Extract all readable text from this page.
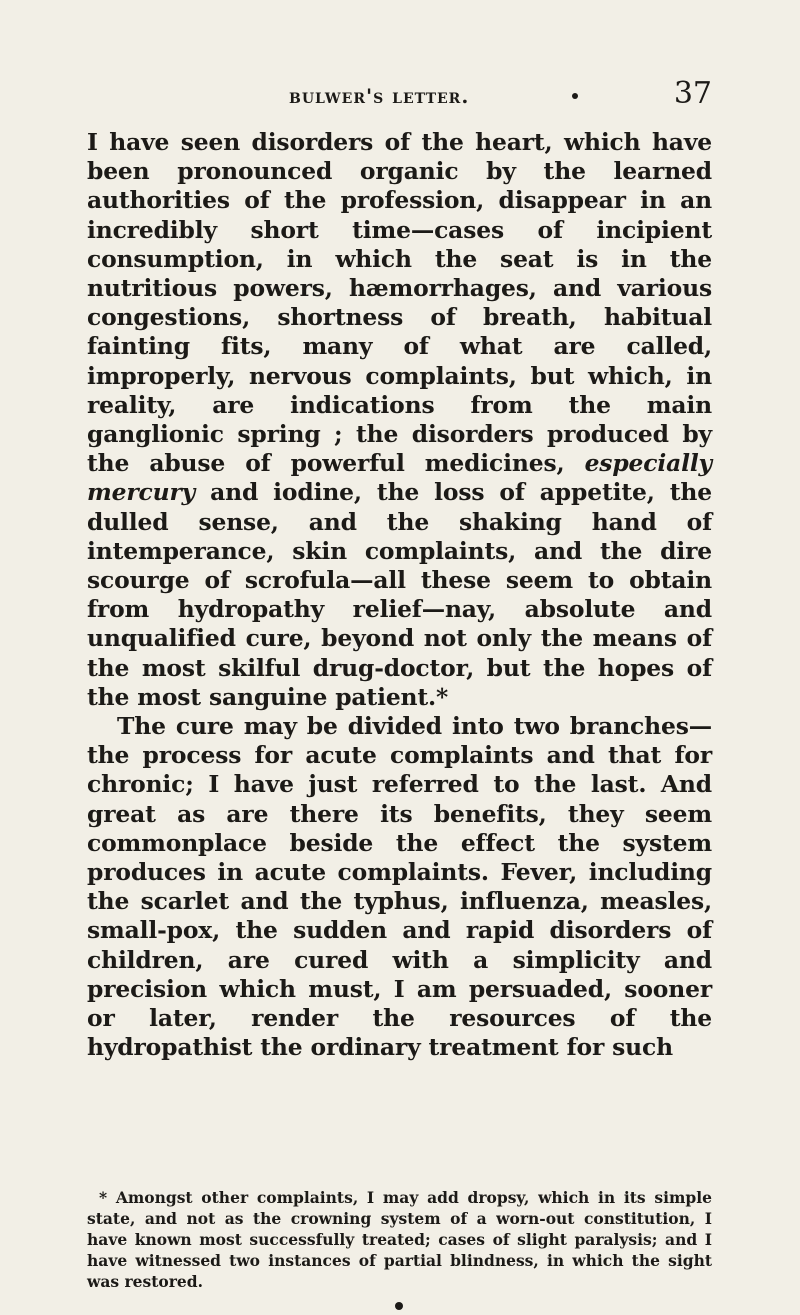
bulwer's letter.	37

I have seen disorders of the heart, which have been pronounced organic by the learned authorities of the profession, disappear in an incredibly short time—cases of incipient consumption, in which the seat is in the nutritious powers, hæmorrhages, and various congestions, shortness of breath, habitual fainting fits, many of what are called, improperly, nervous complaints, but which, in reality, are indications from the main ganglionic spring ; the disorders produced by the abuse of powerful medicines, especially mercury and iodine, the loss of appetite, the dulled sense, and the shaking hand of intemperance, skin complaints, and the dire scourge of scrofula—all these seem to obtain from hydropathy relief—nay, absolute and unqualified cure, beyond not only the means of the most skilful drug-doctor, but the hopes of the most sanguine patient.*

The cure may be divided into two branches—the process for acute complaints and that for chronic; I have just referred to the last. And great as are there its benefits, they seem commonplace beside the effect the system produces in acute complaints. Fever, including the scarlet and the typhus, influenza, measles, small-pox, the sudden and rapid disorders of children, are cured with a simplicity and precision which must, I am persuaded, sooner or later, render the resources of the hydropathist the ordinary treatment for such

* Amongst other complaints, I may add dropsy, which in its simple state, and not as the crowning system of a worn-out constitution, I have known most successfully treated; cases of slight paralysis; and I have witnessed two instances of partial blindness, in which the sight was restored.
